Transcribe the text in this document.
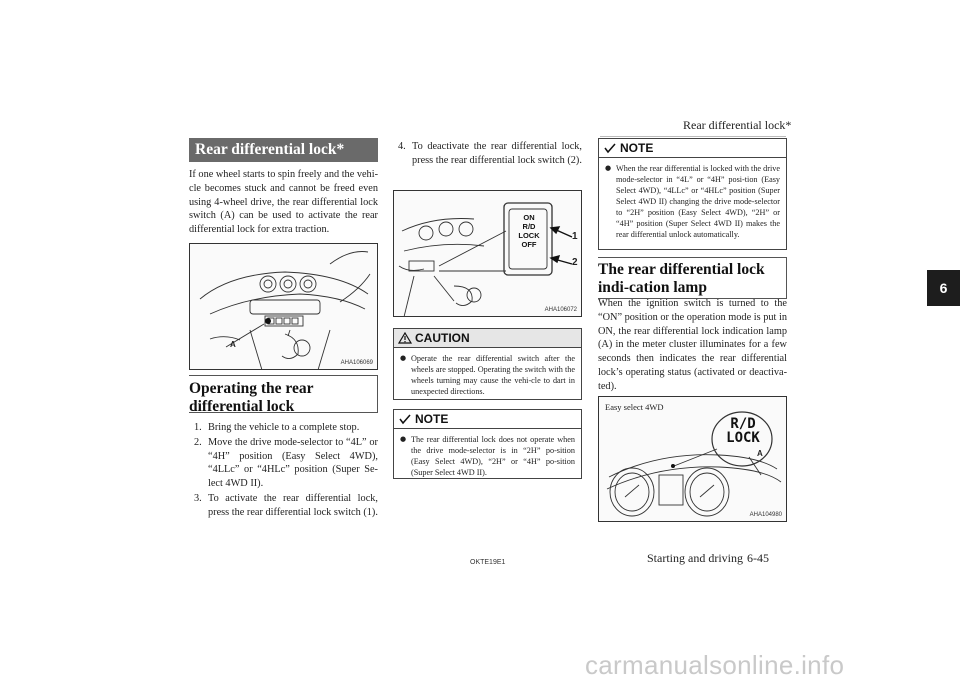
Rear differential lock*
6
Rear differential lock*

If one wheel starts to spin freely and the vehi-cle becomes stuck and cannot be freed even using 4-wheel drive, the rear differential lock switch (A) can be used to activate the rear differential lock for extra traction.

A
AHA106069
Operating the rear differential lock
1. Bring the vehicle to a complete stop.
2. Move the drive mode-selector to “4L” or “4H” position (Easy Select 4WD), “4LLc” or “4HLc” position (Super Se-lect 4WD II).
3. To activate the rear differential lock, press the rear differential lock switch (1).
4. To deactivate the rear differential lock, press the rear differential lock switch (2).
ON
R/D
LOCK
OFF
1
2
AHA106072
CAUTION
● Operate the rear differential switch after the wheels are stopped. Operating the switch with the wheels turning may cause the vehi-cle to dart in unexpected directions.
NOTE
● The rear differential lock does not operate when the drive mode-selector is in “2H” po-sition (Easy Select 4WD), “2H” or “4H” po-sition (Super Select 4WD II).
NOTE
● When the rear differential is locked with the drive mode-selector in “4L” or “4H” posi-tion (Easy Select 4WD), “4LLc” or “4HLc” position (Super Select 4WD II) changing the drive mode-selector to “2H” position (Easy Select 4WD), “2H” or “4H” position (Super Select 4WD II) makes the rear differential unlock automatically.
The rear differential lock indi-cation lamp

When the ignition switch is turned to the “ON” position or the operation mode is put in ON, the rear differential lock indication lamp (A) in the meter cluster illuminates for a few seconds then indicates the rear differential lock’s operating status (activated or deactiva-ted).

Easy select 4WD
R/D
LOCK
A
AHA104980
OKTE19E1	Starting and driving 6-45
carmanualsonline.info
